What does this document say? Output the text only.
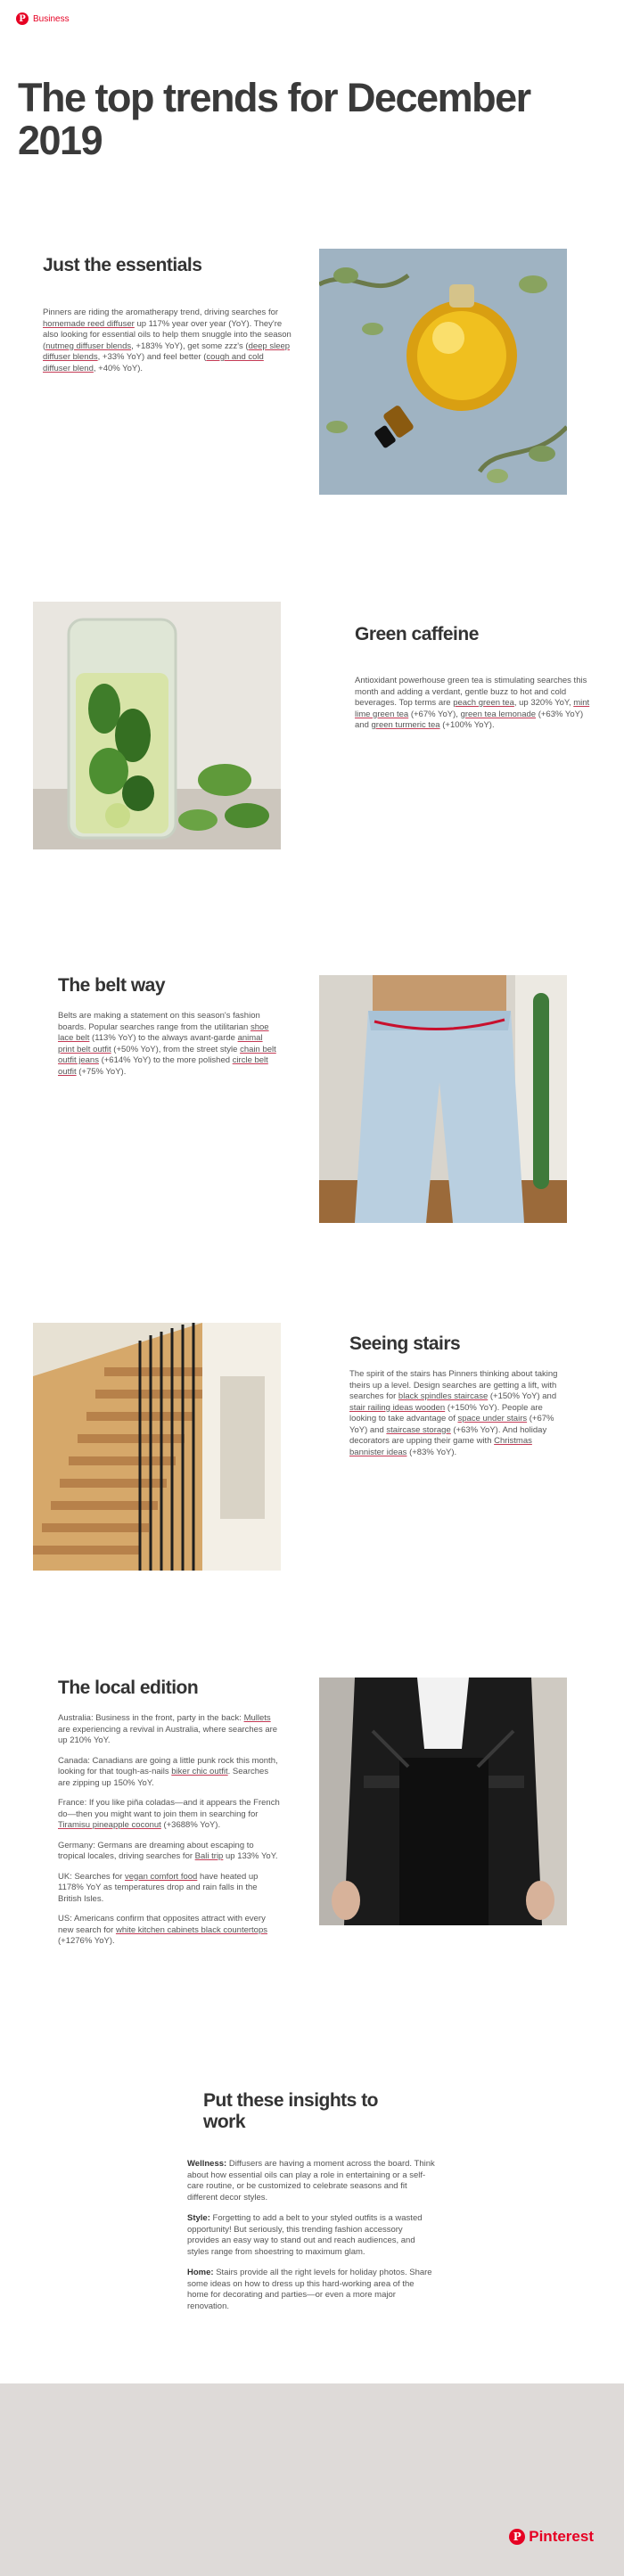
P Business
The top trends for December 2019
Just the essentials
Pinners are riding the aromatherapy trend, driving searches for homemade reed diffuser up 117% year over year (YoY). They're also looking for essential oils to help them snuggle into the season (nutmeg diffuser blends, +183% YoY), get some zzz's (deep sleep diffuser blends, +33% YoY) and feel better (cough and cold diffuser blend, +40% YoY).
Green caffeine
Antioxidant powerhouse green tea is stimulating searches this month and adding a verdant, gentle buzz to hot and cold beverages. Top terms are peach green tea, up 320% YoY, mint lime green tea (+67% YoY), green tea lemonade (+63% YoY) and green turmeric tea (+100% YoY).
The belt way
Belts are making a statement on this season's fashion boards. Popular searches range from the utilitarian shoe lace belt (113% YoY) to the always avant-garde animal print belt outfit (+50% YoY), from the street style chain belt outfit jeans (+614% YoY) to the more polished circle belt outfit (+75% YoY).
Seeing stairs
The spirit of the stairs has Pinners thinking about taking theirs up a level. Design searches are getting a lift, with searches for black spindles staircase (+150% YoY) and stair railing ideas wooden (+150% YoY). People are looking to take advantage of space under stairs (+67% YoY) and staircase storage (+63% YoY). And holiday decorators are upping their game with Christmas bannister ideas (+83% YoY).
The local edition

Australia: Business in the front, party in the back: Mullets are experiencing a revival in Australia, where searches are up 210% YoY.

Canada: Canadians are going a little punk rock this month, looking for that tough-as-nails biker chic outfit. Searches are zipping up 150% YoY.

France: If you like piña coladas—and it appears the French do—then you might want to join them in searching for Tiramisu pineapple coconut (+3688% YoY).

Germany: Germans are dreaming about escaping to tropical locales, driving searches for Bali trip up 133% YoY.

UK: Searches for vegan comfort food have heated up 1178% YoY as temperatures drop and rain falls in the British Isles.

US: Americans confirm that opposites attract with every new search for white kitchen cabinets black countertops (+1276% YoY).

Put these insights to work

Wellness: Diffusers are having a moment across the board. Think about how essential oils can play a role in entertaining or a self-care routine, or be customized to celebrate seasons and fit different decor styles.

Style: Forgetting to add a belt to your styled outfits is a wasted opportunity! But seriously, this trending fashion accessory provides an easy way to stand out and reach audiences, and styles range from shoestring to maximum glam.

Home: Stairs provide all the right levels for holiday photos. Share some ideas on how to dress up this hard-working area of the home for decorating and parties—or even a more major renovation.

P Pinterest
